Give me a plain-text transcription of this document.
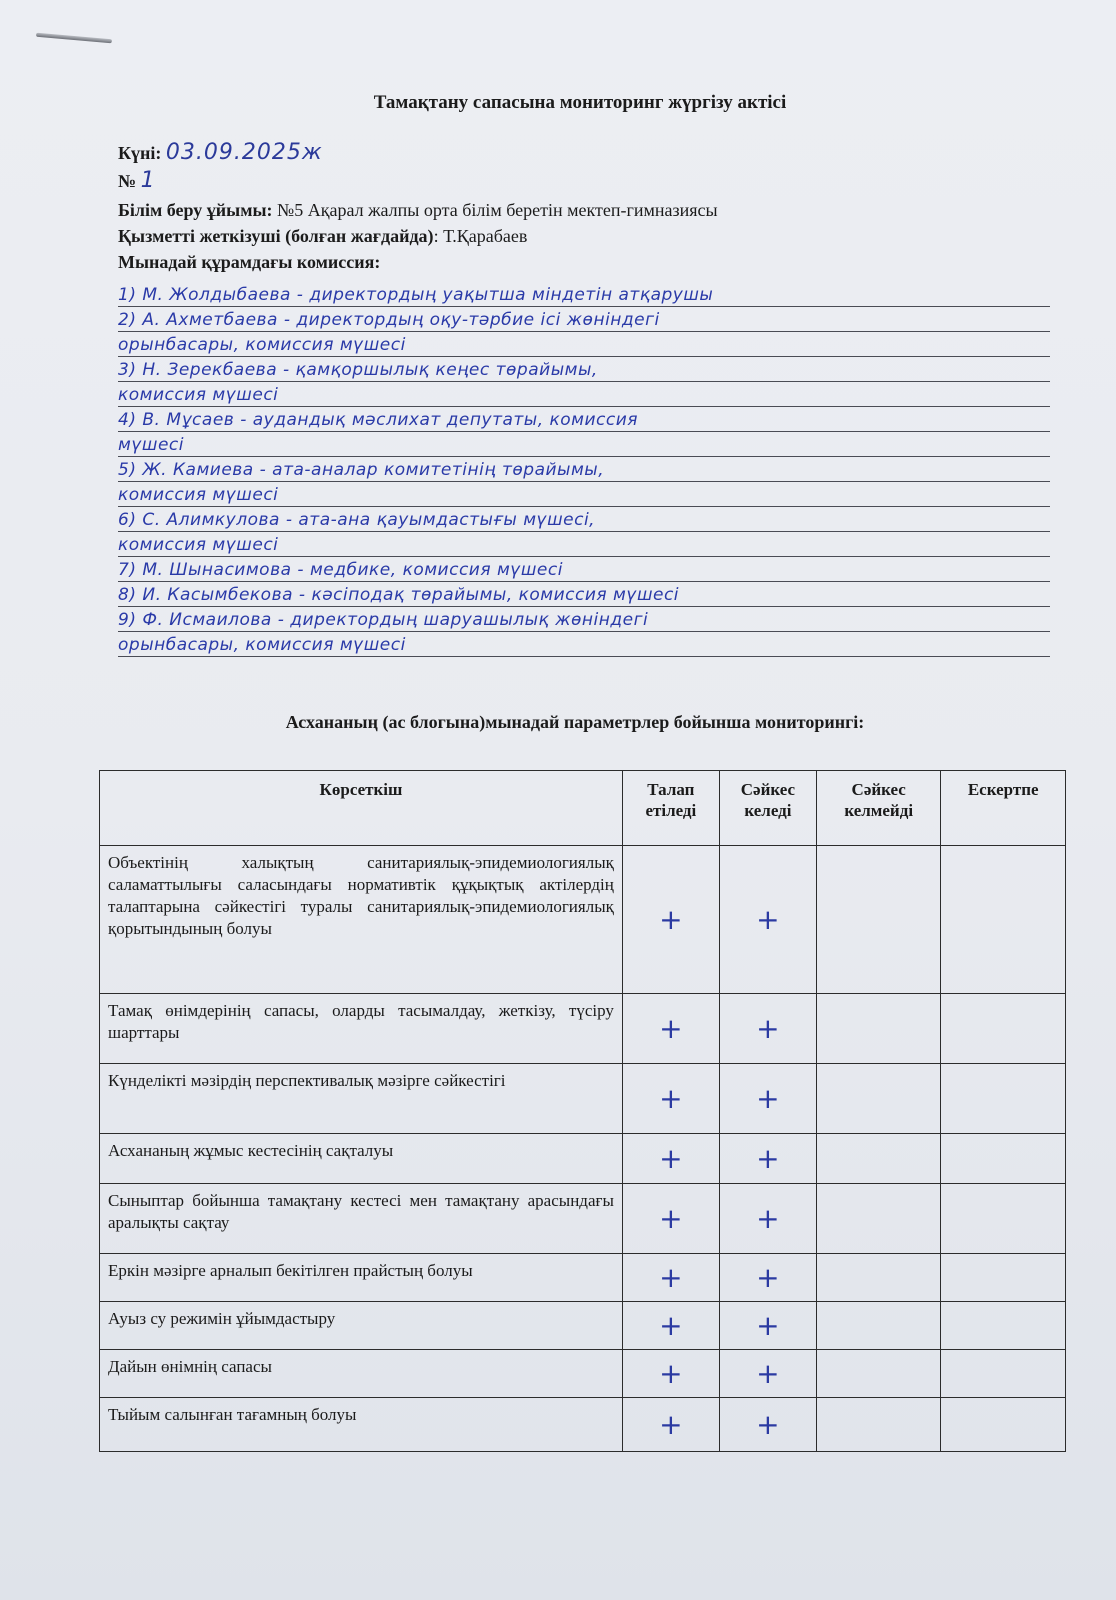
Тамақтану сапасына мониторинг жүргізу актісі
Күні: 03.09.2025ж
№ 1
Білім беру ұйымы: №5 Ақарал жалпы орта білім беретін мектеп-гимназиясы
Қызметті жеткізуші (болған жағдайда): Т.Қарабаев
Мынадай құрамдағы комиссия:
1) М. Жолдыбаева - директордың уақытша міндетін атқарушы
2) А. Ахметбаева - директордың оқу-тәрбие ісі жөніндегі
орынбасары, комиссия мүшесі
3) Н. Зерекбаева - қамқоршылық кеңес төрайымы,
комиссия мүшесі
4) В. Мұсаев - аудандық мәслихат депутаты, комиссия
мүшесі
5) Ж. Камиева - ата-аналар комитетінің төрайымы,
комиссия мүшесі
6) С. Алимкулова - ата-ана қауымдастығы мүшесі,
комиссия мүшесі
7) М. Шынасимова - медбике, комиссия мүшесі
8) И. Касымбекова - кәсіподақ төрайымы, комиссия мүшесі
9) Ф. Исмаилова - директордың шаруашылық жөніндегі
орынбасары, комиссия мүшесі
Асхананың (ас блогына)мынадай параметрлер бойынша мониторингі:
Көрсеткіш	Талап етіледі	Сәйкес келеді	Сәйкес келмейді	Ескертпе
Объектінің халықтың санитариялық-эпидемиологиялық саламаттылығы саласындағы нормативтік құқықтық актілердің талаптарына сәйкестігі туралы санитариялық-эпидемиологиялық қорытындының болуы	+	+		
Тамақ өнімдерінің сапасы, оларды тасымалдау, жеткізу, түсіру шарттары	+	+		
Күнделікті мәзірдің перспективалық мәзірге сәйкестігі	+	+		
Асхананың жұмыс кестесінің сақталуы	+	+		
Сыныптар бойынша тамақтану кестесі мен тамақтану арасындағы аралықты сақтау	+	+		
Еркін мәзірге арналып бекітілген прайстың болуы	+	+		
Ауыз су режимін ұйымдастыру	+	+		
Дайын өнімнің сапасы	+	+		
Тыйым салынған тағамның болуы	+	+		
